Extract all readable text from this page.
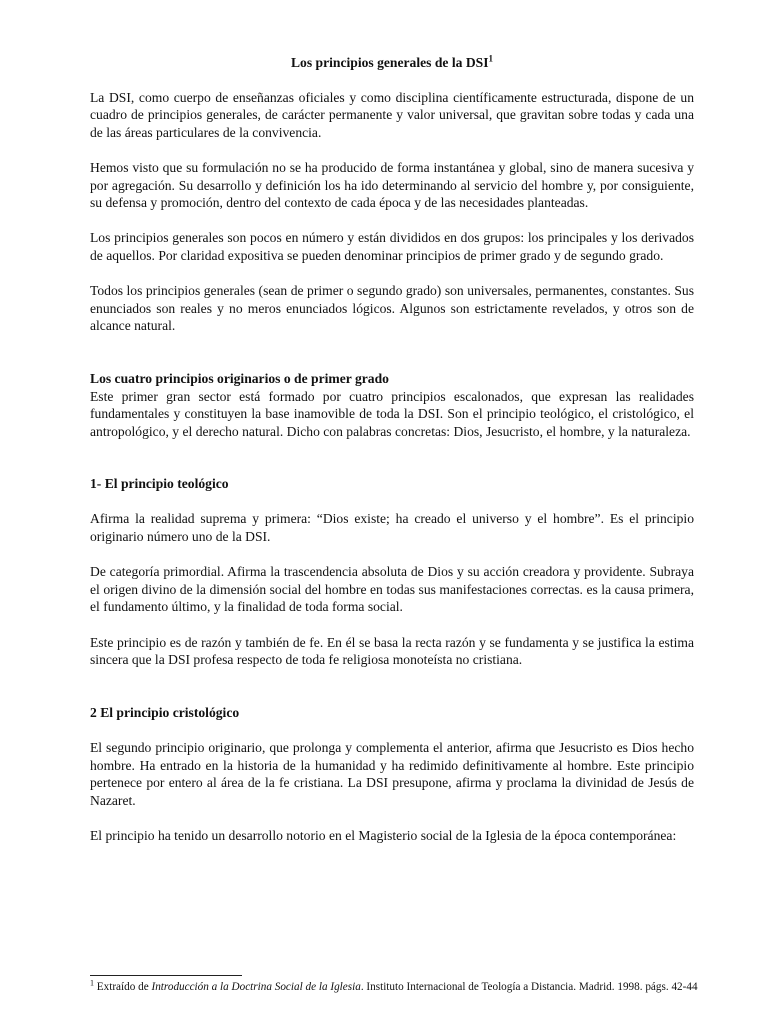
Los principios generales de la DSI$^1$

La DSI, como cuerpo de enseñanzas oficiales y como disciplina científicamente estructurada, dispone de un cuadro de principios generales, de carácter permanente y valor universal, que gravitan sobre todas y cada una de las áreas particulares de la convivencia.

Hemos visto que su formulación no se ha producido de forma instantánea y global, sino de manera sucesiva y por agregación. Su desarrollo y definición los ha ido determinando al servicio del hombre y, por consiguiente, su defensa y promoción, dentro del contexto de cada época y de las necesidades planteadas.

Los principios generales son pocos en número y están divididos en dos grupos: los principales y los derivados de aquellos. Por claridad expositiva se pueden denominar principios de primer grado y de segundo grado.

Todos los principios generales (sean de primer o segundo grado) son universales, permanentes, constantes. Sus enunciados son reales y no meros enunciados lógicos. Algunos son estrictamente revelados, y otros son de alcance natural.

Los cuatro principios originarios o de primer grado

Este primer gran sector está formado por cuatro principios escalonados, que expresan las realidades fundamentales y constituyen la base inamovible de toda la DSI. Son el principio teológico, el cristológico, el antropológico, y el derecho natural. Dicho con palabras concretas: Dios, Jesucristo, el hombre, y la naturaleza.

1- El principio teológico

Afirma la realidad suprema y primera: “Dios existe; ha creado el universo y el hombre”. Es el principio originario número uno de la DSI.

De categoría primordial. Afirma la trascendencia absoluta de Dios y su acción creadora y providente. Subraya el origen divino de la dimensión social del hombre en todas sus manifestaciones correctas. es la causa primera, el fundamento último, y la finalidad de toda forma social.

Este principio es de razón y también de fe. En él se basa la recta razón y se fundamenta y se justifica la estima sincera que la DSI profesa respecto de toda fe religiosa monoteísta no cristiana.

2 El principio cristológico

El segundo principio originario, que prolonga y complementa el anterior, afirma que Jesucristo es Dios hecho hombre. Ha entrado en la historia de la humanidad y ha redimido definitivamente al hombre. Este principio pertenece por entero al área de la fe cristiana. La DSI presupone, afirma y proclama la divinidad de Jesús de Nazaret.

El principio ha tenido un desarrollo notorio en el Magisterio social de la Iglesia de la época contemporánea:

$^1$ Extraído de Introducción a la Doctrina Social de la Iglesia. Instituto Internacional de Teología a Distancia. Madrid. 1998. págs. 42-44
